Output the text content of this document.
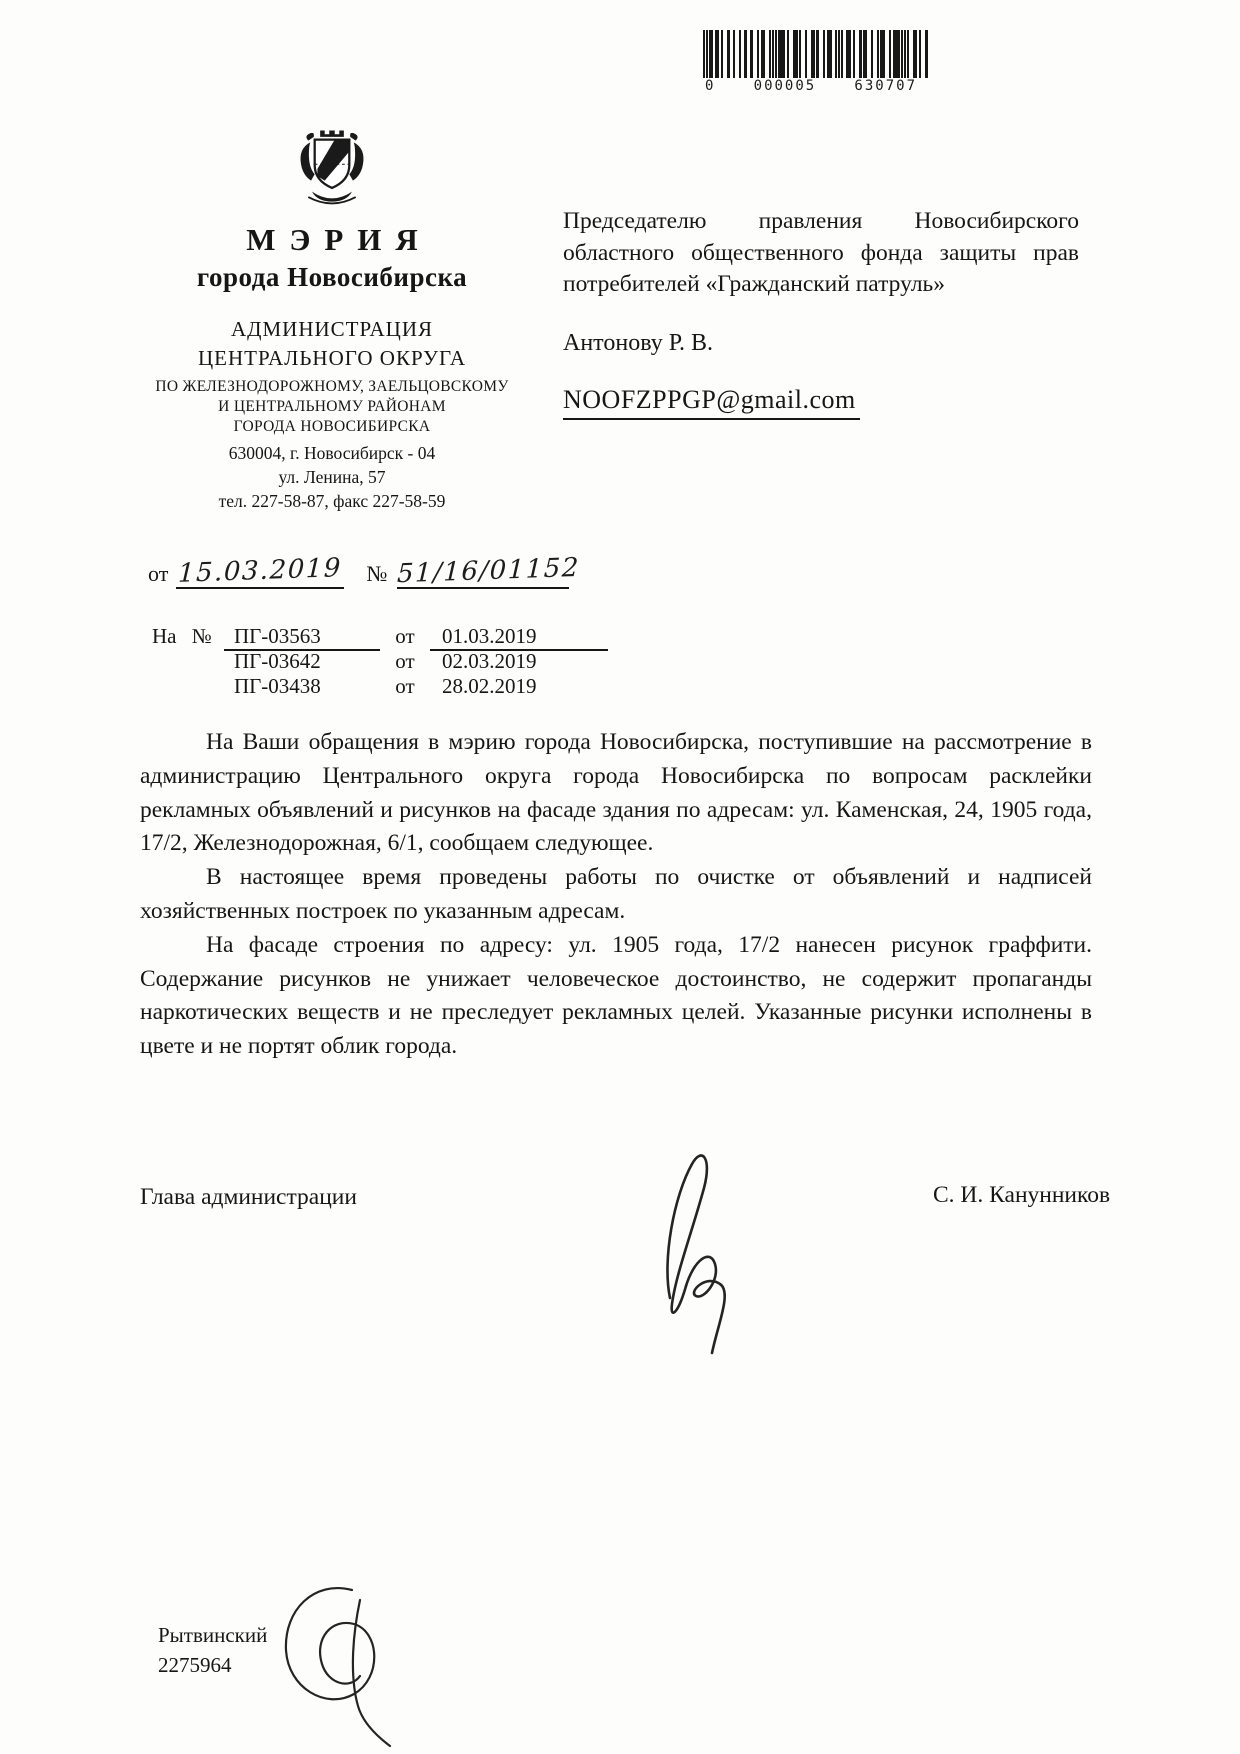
0	000005	630707
МЭРИЯ
города Новосибирска
АДМИНИСТРАЦИЯ
ЦЕНТРАЛЬНОГО ОКРУГА
ПО ЖЕЛЕЗНОДОРОЖНОМУ, ЗАЕЛЬЦОВСКОМУ
И ЦЕНТРАЛЬНОМУ РАЙОНАМ
ГОРОДА НОВОСИБИРСКА
630004, г. Новосибирск - 04
ул. Ленина, 57
тел. 227-58-87, факс 227-58-59
Председателю правления Новосибирского областного общественного фонда защиты прав потребителей «Гражданский патруль»
Антонову Р. В.
NOOFZPPGP@gmail.com
от 15.03.2019 № 51/16/01152
На №	ПГ-03563	от	01.03.2019
ПГ-03642	от	02.03.2019
ПГ-03438	от	28.02.2019

На Ваши обращения в мэрию города Новосибирска, поступившие на рассмотрение в администрацию Центрального округа города Новосибирска по вопросам расклейки рекламных объявлений и рисунков на фасаде здания по адресам: ул. Каменская, 24, 1905 года, 17/2, Железнодорожная, 6/1, сообщаем следующее.

В настоящее время проведены работы по очистке от объявлений и надписей хозяйственных построек по указанным адресам.

На фасаде строения по адресу: ул. 1905 года, 17/2 нанесен рисунок граффити. Содержание рисунков не унижает человеческое достоинство, не содержит пропаганды наркотических веществ и не преследует рекламных целей. Указанные рисунки исполнены в цвете и не портят облик города.

Глава администрации	С. И. Канунников
Рытвинский
2275964
